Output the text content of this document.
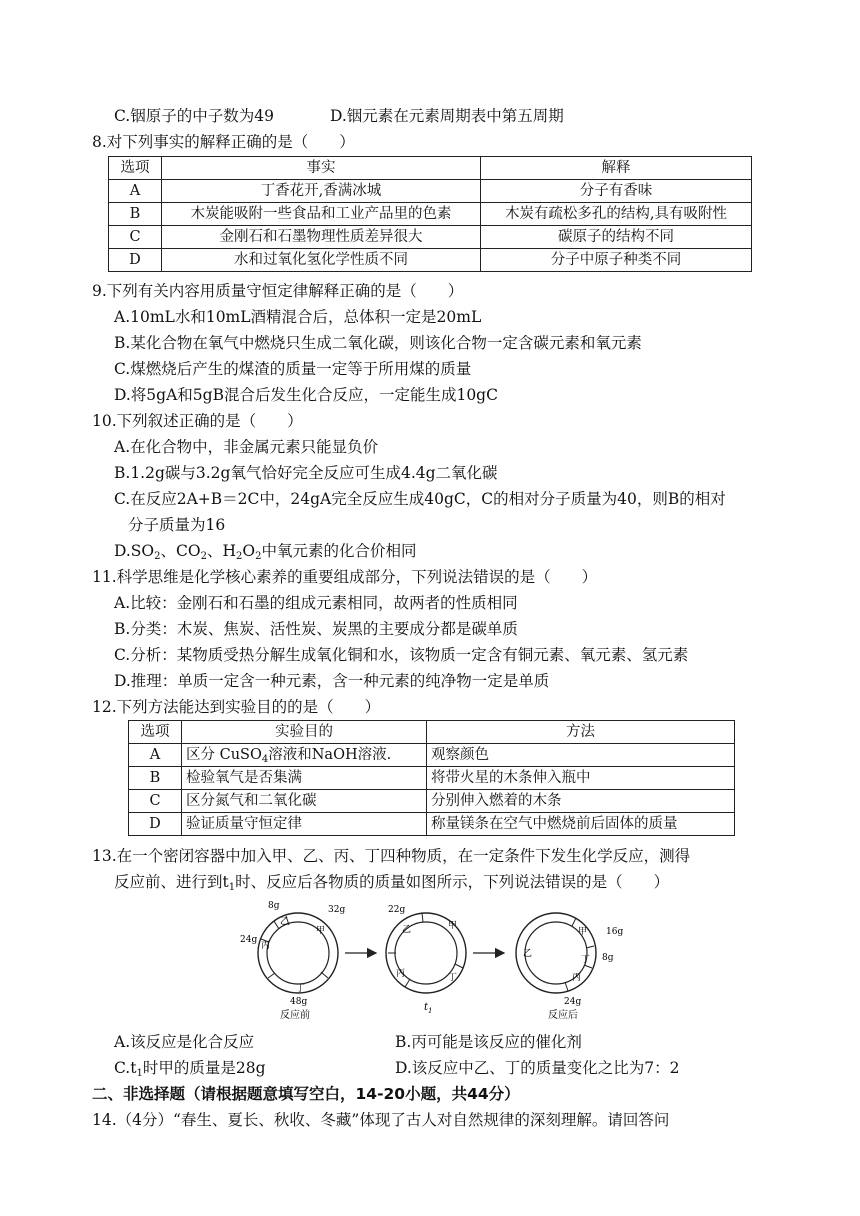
C.铟原子的中子数为49	D.铟元素在元素周期表中第五周期
8.对下列事实的解释正确的是（　　）
选项	事实	解释
A	丁香花开,香满冰城	分子有香味
B	木炭能吸附一些食品和工业产品里的色素	木炭有疏松多孔的结构,具有吸附性
C	金刚石和石墨物理性质差异很大	碳原子的结构不同
D	水和过氧化氢化学性质不同	分子中原子种类不同
9.下列有关内容用质量守恒定律解释正确的是（　　）
A.10mL水和10mL酒精混合后，总体积一定是20mL
B.某化合物在氧气中燃烧只生成二氧化碳，则该化合物一定含碳元素和氧元素
C.煤燃烧后产生的煤渣的质量一定等于所用煤的质量
D.将5gA和5gB混合后发生化合反应，一定能生成10gC
10.下列叙述正确的是（　　）
A.在化合物中，非金属元素只能显负价
B.1.2g碳与3.2g氧气恰好完全反应可生成4.4g二氧化碳
C.在反应2A+B＝2C中，24gA完全反应生成40gC，C的相对分子质量为40，则B的相对
分子质量为16
$D.SO_2$、$CO_2$、$H_2O_2$中氧元素的化合价相同
11.科学思维是化学核心素养的重要组成部分，下列说法错误的是（　　）
A.比较：金刚石和石墨的组成元素相同，故两者的性质相同
B.分类：木炭、焦炭、活性炭、炭黑的主要成分都是碳单质
C.分析：某物质受热分解生成氧化铜和水，该物质一定含有铜元素、氧元素、氢元素
D.推理：单质一定含一种元素，含一种元素的纯净物一定是单质
12.下列方法能达到实验目的的是（　　）
选项	实验目的	方法
A	区分 CuSO$_4$溶液和NaOH溶液.	观察颜色
B	检验氧气是否集满	将带火星的木条伸入瓶中
C	区分氮气和二氧化碳	分别伸入燃着的木条
D	验证质量守恒定律	称量镁条在空气中燃烧前后固体的质量
13.在一个密闭容器中加入甲、乙、丙、丁四种物质，在一定条件下发生化学反应，测得
反应前、进行到$t_1$时、反应后各物质的质量如图所示，下列说法错误的是（　　）
乙
甲
丙
丁
8g	32g
24g
48g
反应前
乙	甲
丙	丁
22g
$t_1$
乙
甲
丁
丙
16g
8g
24g
反应后
A.该反应是化合反应	B.丙可能是该反应的催化剂
$C.t_1$时甲的质量是28g	D.该反应中乙、丁的质量变化之比为7：2
二、非选择题（请根据题意填写空白，14-20小题，共44分）
14.（4分）“春生、夏长、秋收、冬藏”体现了古人对自然规律的深刻理解。请回答问
